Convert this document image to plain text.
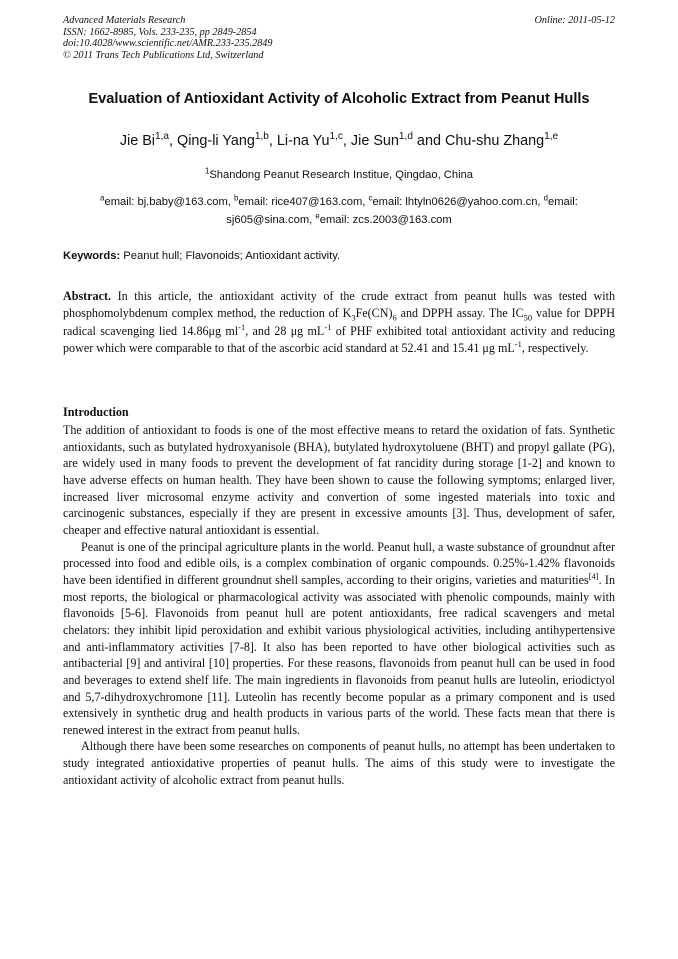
Advanced Materials Research
ISSN: 1662-8985, Vols. 233-235, pp 2849-2854
doi:10.4028/www.scientific.net/AMR.233-235.2849
© 2011 Trans Tech Publications Ltd, Switzerland
Online: 2011-05-12
Evaluation of Antioxidant Activity of Alcoholic Extract from Peanut Hulls
Jie Bi$^{1,a}$, Qing-li Yang$^{1,b}$, Li-na Yu$^{1,c}$, Jie Sun$^{1,d}$ and Chu-shu Zhang$^{1,e}$
$^1$Shandong Peanut Research Institue, Qingdao, China
$^a$email: bj.baby@163.com, $^b$email: rice407@163.com, $^c$email: lhtyln0626@yahoo.com.cn, $^d$email: sj605@sina.com, $^e$email: zcs.2003@163.com
Keywords: Peanut hull; Flavonoids; Antioxidant activity.
Abstract. In this article, the antioxidant activity of the crude extract from peanut hulls was tested with phosphomolybdenum complex method, the reduction of $K_3Fe(CN)_6$ and DPPH assay. The $IC_{50}$ value for DPPH radical scavenging lied 14.86μg $ml^{-1}$, and 28 μg $mL^{-1}$ of PHF exhibited total antioxidant activity and reducing power which were comparable to that of the ascorbic acid standard at 52.41 and 15.41 μg $mL^{-1}$, respectively.
Introduction

The addition of antioxidant to foods is one of the most effective means to retard the oxidation of fats. Synthetic antioxidants, such as butylated hydroxyanisole (BHA), butylated hydroxytoluene (BHT) and propyl gallate (PG), are widely used in many foods to prevent the development of fat rancidity during storage [1-2] and known to have adverse effects on human health. They have been shown to cause the following symptoms; enlarged liver, increased liver microsomal enzyme activity and convertion of some ingested materials into toxic and carcinogenic substances, especially if they are present in excessive amounts [3]. Thus, development of safer, cheaper and effective natural antioxidant is essential.

Peanut is one of the principal agriculture plants in the world. Peanut hull, a waste substance of groundnut after processed into food and edible oils, is a complex combination of organic compounds. 0.25%-1.42% flavonoids have been identified in different groundnut shell samples, according to their origins, varieties and maturities[4]. In most reports, the biological or pharmacological activity was associated with phenolic compounds, mainly with flavonoids [5-6]. Flavonoids from peanut hull are potent antioxidants, free radical scavengers and metal chelators: they inhibit lipid peroxidation and exhibit various physiological activities, including antihypertensive and anti-inflammatory activities [7-8]. It also has been reported to have other biological activities such as antibacterial [9] and antiviral [10] properties. For these reasons, flavonoids from peanut hull can be used in food and beverages to extend shelf life. The main ingredients in flavonoids from peanut hulls are luteolin, eriodictyol and 5,7-dihydroxychromone [11]. Luteolin has recently become popular as a primary component and is used extensively in synthetic drug and health products in various parts of the world. These facts mean that there is renewed interest in the extract from peanut hulls.

Although there have been some researches on components of peanut hulls, no attempt has been undertaken to study integrated antioxidative properties of peanut hulls. The aims of this study were to investigate the antioxidant activity of alcoholic extract from peanut hulls.
